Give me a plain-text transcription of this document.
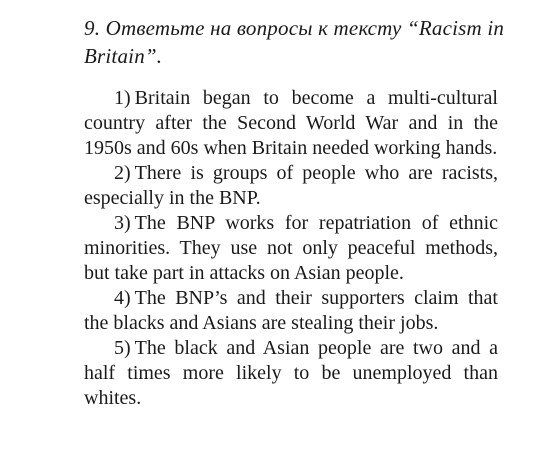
9. Ответьте на вопросы к тексту “Racism in Britain”.

1) Britain began to become a multi-cultural country after the Second World War and in the 1950s and 60s when Britain needed working hands.

2) There is groups of people who are racists, especially in the BNP.

3) The BNP works for repatriation of ethnic minorities. They use not only peaceful methods, but take part in attacks on Asian people.

4) The BNP’s and their supporters claim that the blacks and Asians are stealing their jobs.

5) The black and Asian people are two and a half times more likely to be unemployed than whites.
